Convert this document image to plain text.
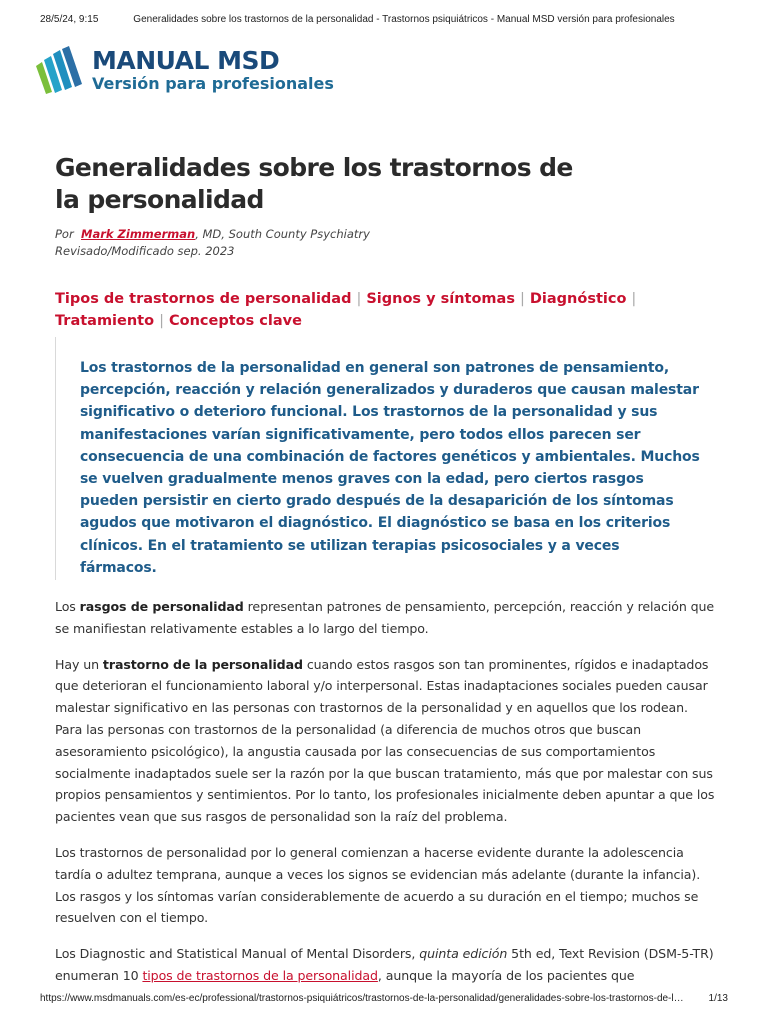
28/5/24, 9:15	Generalidades sobre los trastornos de la personalidad - Trastornos psiquiátricos - Manual MSD versión para profesionales
MANUAL MSD
Versión para profesionales
Generalidades sobre los trastornos de la personalidad
Por Mark Zimmerman, MD, South County Psychiatry
Revisado/Modificado sep. 2023
Tipos de trastornos de personalidad | Signos y síntomas | Diagnóstico |
Tratamiento | Conceptos clave

Los trastornos de la personalidad en general son patrones de pensamiento, percepción, reacción y relación generalizados y duraderos que causan malestar significativo o deterioro funcional. Los trastornos de la personalidad y sus manifestaciones varían significativamente, pero todos ellos parecen ser consecuencia de una combinación de factores genéticos y ambientales. Muchos se vuelven gradualmente menos graves con la edad, pero ciertos rasgos pueden persistir en cierto grado después de la desaparición de los síntomas agudos que motivaron el diagnóstico. El diagnóstico se basa en los criterios clínicos. En el tratamiento se utilizan terapias psicosociales y a veces fármacos.

Los rasgos de personalidad representan patrones de pensamiento, percepción, reacción y relación que se manifiestan relativamente estables a lo largo del tiempo.

Hay un trastorno de la personalidad cuando estos rasgos son tan prominentes, rígidos e inadaptados que deterioran el funcionamiento laboral y/o interpersonal. Estas inadaptaciones sociales pueden causar malestar significativo en las personas con trastornos de la personalidad y en aquellos que los rodean. Para las personas con trastornos de la personalidad (a diferencia de muchos otros que buscan asesoramiento psicológico), la angustia causada por las consecuencias de sus comportamientos socialmente inadaptados suele ser la razón por la que buscan tratamiento, más que por malestar con sus propios pensamientos y sentimientos. Por lo tanto, los profesionales inicialmente deben apuntar a que los pacientes vean que sus rasgos de personalidad son la raíz del problema.

Los trastornos de personalidad por lo general comienzan a hacerse evidente durante la adolescencia tardía o adultez temprana, aunque a veces los signos se evidencian más adelante (durante la infancia). Los rasgos y los síntomas varían considerablemente de acuerdo a su duración en el tiempo; muchos se resuelven con el tiempo.

Los Diagnostic and Statistical Manual of Mental Disorders, quinta edición 5th ed, Text Revision (DSM-5-TR) enumeran 10 tipos de trastornos de la personalidad, aunque la mayoría de los pacientes que

https://www.msdmanuals.com/es-ec/professional/trastornos-psiquiátricos/trastornos-de-la-personalidad/generalidades-sobre-los-trastornos-de-l…	1/13
